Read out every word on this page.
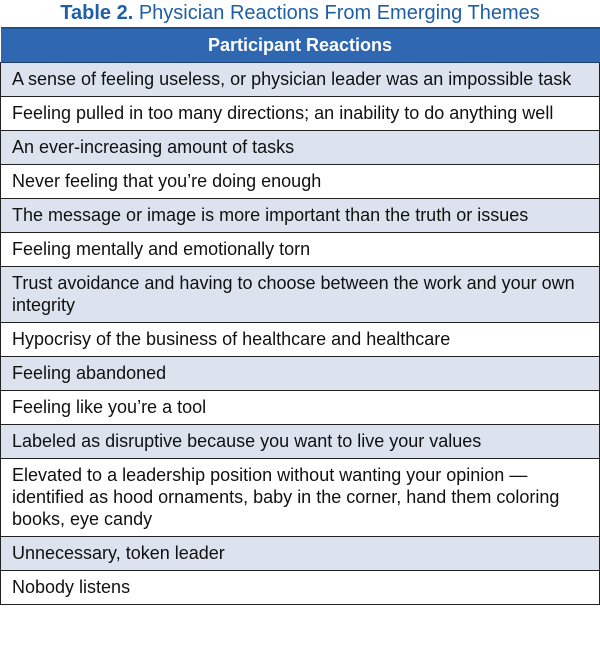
Table 2. Physician Reactions From Emerging Themes
Participant Reactions
A sense of feeling useless, or physician leader was an impossible task
Feeling pulled in too many directions; an inability to do anything well
An ever-increasing amount of tasks
Never feeling that you’re doing enough
The message or image is more important than the truth or issues
Feeling mentally and emotionally torn
Trust avoidance and having to choose between the work and your own integrity
Hypocrisy of the business of healthcare and healthcare
Feeling abandoned
Feeling like you’re a tool
Labeled as disruptive because you want to live your values
Elevated to a leadership position without wanting your opinion — identified as hood ornaments, baby in the corner, hand them coloring books, eye candy
Unnecessary, token leader
Nobody listens
